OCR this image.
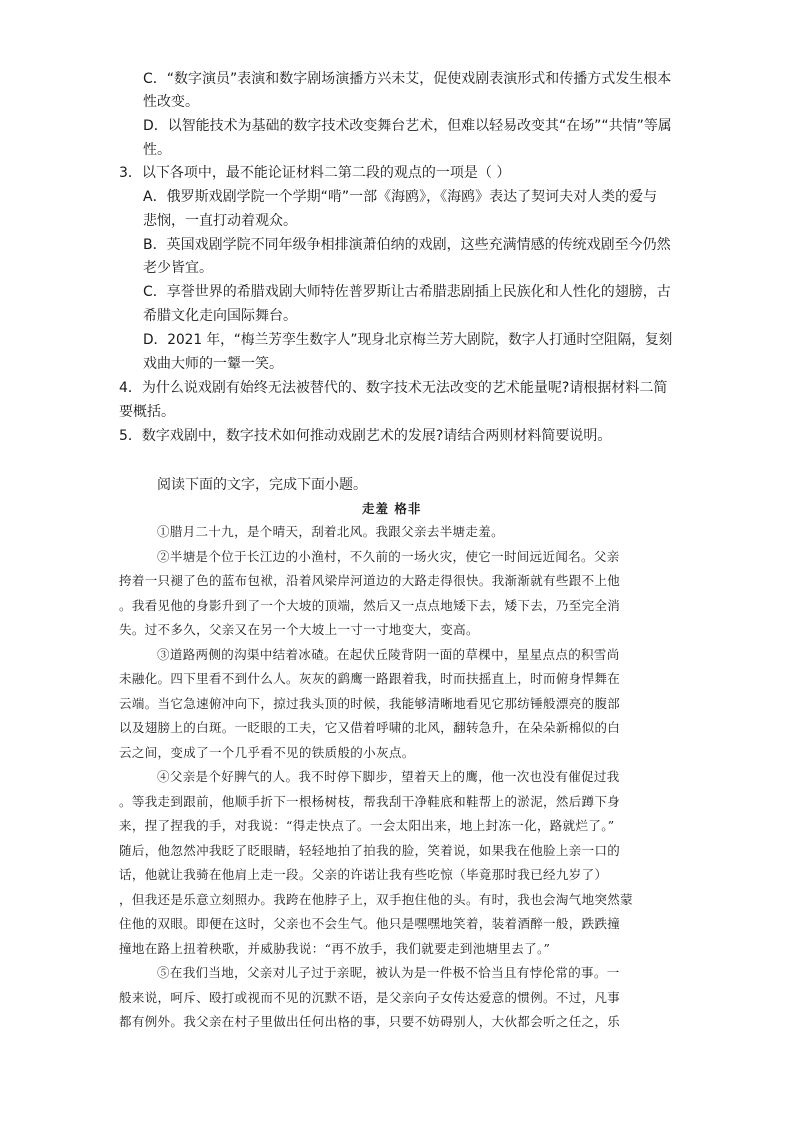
C．“数字演员”表演和数字剧场演播方兴未艾，促使戏剧表演形式和传播方式发生根本
性改变。
D．以智能技术为基础的数字技术改变舞台艺术，但难以轻易改变其“在场”“共情”等属
性。
3．以下各项中，最不能论证材料二第二段的观点的一项是（ ）
A．俄罗斯戏剧学院一个学期“啃”一部《海鸥》，《海鸥》表达了契诃夫对人类的爱与
悲悯，一直打动着观众。
B．英国戏剧学院不同年级争相排演萧伯纳的戏剧，这些充满情感的传统戏剧至今仍然
老少皆宜。
C．享誉世界的希腊戏剧大师特佐普罗斯让古希腊悲剧插上民族化和人性化的翅膀，古
希腊文化走向国际舞台。
D．2021 年，“梅兰芳孪生数字人”现身北京梅兰芳大剧院，数字人打通时空阻隔，复刻
戏曲大师的一颦一笑。
4．为什么说戏剧有始终无法被替代的、数字技术无法改变的艺术能量呢?请根据材料二简
要概括。
5．数字戏剧中，数字技术如何推动戏剧艺术的发展?请结合两则材料简要说明。
阅读下面的文字，完成下面小题。
走羞 格非
①腊月二十九，是个晴天，刮着北风。我跟父亲去半塘走羞。
②半塘是个位于长江边的小渔村，不久前的一场火灾，使它一时间远近闻名。父亲
挎着一只褪了色的蓝布包袱，沿着风梁岸河道边的大路走得很快。我渐渐就有些跟不上他
。我看见他的身影升到了一个大坡的顶端，然后又一点点地矮下去，矮下去，乃至完全消
失。过不多久，父亲又在另一个大坡上一寸一寸地变大，变高。
③道路两侧的沟渠中结着冰碴。在起伏丘陵背阴一面的草棵中，星星点点的积雪尚
未融化。四下里看不到什么人。灰灰的鹞鹰一路跟着我，时而扶摇直上，时而俯身悍舞在
云端。当它急速俯冲向下，掠过我头顶的时候，我能够清晰地看见它那纺锤般漂亮的腹部
以及翅膀上的白斑。一眨眼的工夫，它又借着呼啸的北风，翻转急升，在朵朵新棉似的白
云之间，变成了一个几乎看不见的铁质般的小灰点。
④父亲是个好脾气的人。我不时停下脚步，望着天上的鹰，他一次也没有催促过我
。等我走到跟前，他顺手折下一根杨树枝，帮我刮干净鞋底和鞋帮上的淤泥，然后蹲下身
来，捏了捏我的手，对我说：“得走快点了。一会太阳出来，地上封冻一化，路就烂了。”
随后，他忽然冲我眨了眨眼睛，轻轻地拍了拍我的脸，笑着说，如果我在他脸上亲一口的
话，他就让我骑在他肩上走一段。父亲的许诺让我有些吃惊（毕竟那时我已经九岁了）
，但我还是乐意立刻照办。我跨在他脖子上，双手抱住他的头。有时，我也会淘气地突然蒙
住他的双眼。即便在这时，父亲也不会生气。他只是嘿嘿地笑着，装着酒醉一般，跌跌撞
撞地在路上扭着秧歌，并威胁我说：“再不放手，我们就要走到池塘里去了。”
⑤在我们当地，父亲对儿子过于亲昵，被认为是一件极不恰当且有悖伦常的事。一
般来说，呵斥、殴打或视而不见的沉默不语，是父亲向子女传达爱意的惯例。不过，凡事
都有例外。我父亲在村子里做出任何出格的事，只要不妨碍别人，大伙都会听之任之，乐
